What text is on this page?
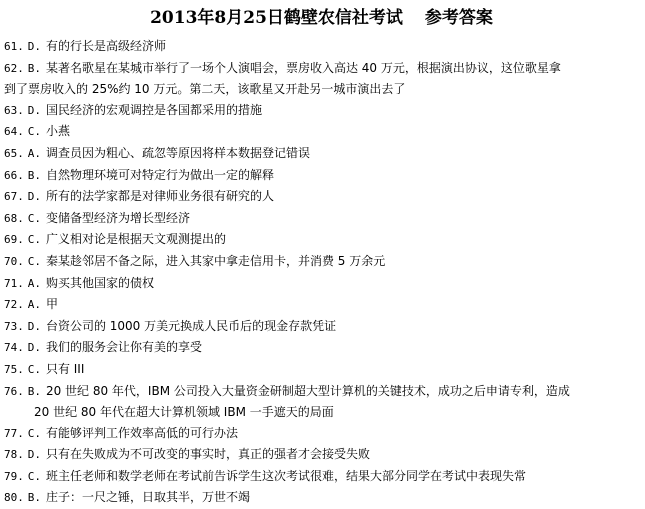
2013年8月25日鹤壁农信社考试 参考答案
61. D. 有的行长是高级经济师
62. B. 某著名歌星在某城市举行了一场个人演唱会，票房收入高达 40 万元，根据演出协议，这位歌星拿
到了票房收入的 25%约 10 万元。第二天，该歌星又开赴另一城市演出去了
63. D. 国民经济的宏观调控是各国都采用的措施
64. C. 小燕
65. A. 调查员因为粗心、疏忽等原因将样本数据登记错误
66. B. 自然物理环境可对特定行为做出一定的解释
67. D. 所有的法学家都是对律师业务很有研究的人
68. C. 变储备型经济为增长型经济
69. C. 广义相对论是根据天文观测提出的
70. C. 秦某趁邻居不备之际，进入其家中拿走信用卡，并消费 5 万余元
71. A. 购买其他国家的债权
72. A. 甲
73. D. 台资公司的 1000 万美元换成人民币后的现金存款凭证
74. D. 我们的服务会让你有美的享受
75. C. 只有 III
76. B. 20 世纪 80 年代，IBM 公司投入大量资金研制超大型计算机的关键技术，成功之后申请专利，造成
20 世纪 80 年代在超大计算机领域 IBM 一手遮天的局面
77. C. 有能够评判工作效率高低的可行办法
78. D. 只有在失败成为不可改变的事实时，真正的强者才会接受失败
79. C. 班主任老师和数学老师在考试前告诉学生这次考试很难，结果大部分同学在考试中表现失常
80. B. 庄子：一尺之锤，日取其半，万世不竭
